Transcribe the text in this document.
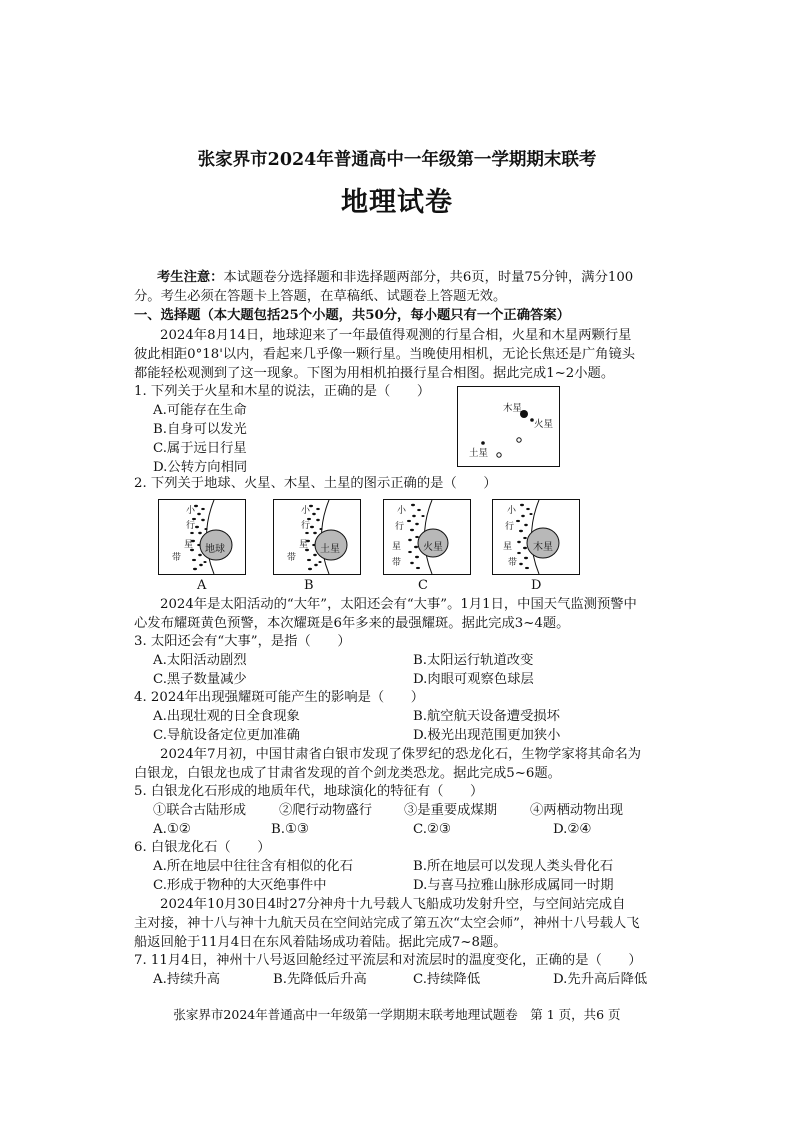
张家界市2024年普通高中一年级第一学期期末联考
地理试卷
考生注意：本试题卷分选择题和非选择题两部分，共6页，时量75分钟，满分100
分。考生必须在答题卡上答题，在草稿纸、试题卷上答题无效。
一、选择题（本大题包括25个小题，共50分，每小题只有一个正确答案）
2024年8月14日，地球迎来了一年最值得观测的行星合相，火星和木星两颗行星
彼此相距0°18'以内，看起来几乎像一颗行星。当晚使用相机，无论长焦还是广角镜头
都能轻松观测到了这一现象。下图为用相机拍摄行星合相图。据此完成1~2小题。
1. 下列关于火星和木星的说法，正确的是（　　）
A.可能存在生命
B.自身可以发光
C.属于远日行星
D.公转方向相同
木星
火星
土星
2. 下列关于地球、火星、木星、土星的图示正确的是（　　）
小
行
星
带
地球
A
小
行
星
带
土星
B
小
行
星
带
火星
C
小
行
星
带
木星
D
2024年是太阳活动的“大年”，太阳还会有“大事”。1月1日，中国天气监测预警中
心发布耀斑黄色预警，本次耀斑是6年多来的最强耀斑。据此完成3~4题。
3. 太阳还会有“大事”，是指（　　）
A.太阳活动剧烈	B.太阳运行轨道改变
C.黑子数量减少	D.肉眼可观察色球层
4. 2024年出现强耀斑可能产生的影响是（　　）
A.出现壮观的日全食现象	B.航空航天设备遭受损坏
C.导航设备定位更加准确	D.极光出现范围更加狭小
2024年7月初，中国甘肃省白银市发现了侏罗纪的恐龙化石，生物学家将其命名为
白银龙，白银龙也成了甘肃省发现的首个剑龙类恐龙。据此完成5~6题。
5. 白银龙化石形成的地质年代，地球演化的特征有（　　）
①联合古陆形成 ②爬行动物盛行 ③是重要成煤期 ④两栖动物出现
A.①②	B.①③	C.②③	D.②④
6. 白银龙化石（　　）
A.所在地层中往往含有相似的化石	B.所在地层可以发现人类头骨化石
C.形成于物种的大灭绝事件中	D.与喜马拉雅山脉形成属同一时期
2024年10月30日4时27分神舟十九号载人飞船成功发射升空，与空间站完成自
主对接，神十八与神十九航天员在空间站完成了第五次“太空会师”，神州十八号载人飞
船返回舱于11月4日在东风着陆场成功着陆。据此完成7~8题。
7. 11月4日，神州十八号返回舱经过平流层和对流层时的温度变化，正确的是（　　）
A.持续升高	B.先降低后升高	C.持续降低	D.先升高后降低
张家界市2024年普通高中一年级第一学期期末联考地理试题卷　第 1 页，共6 页
